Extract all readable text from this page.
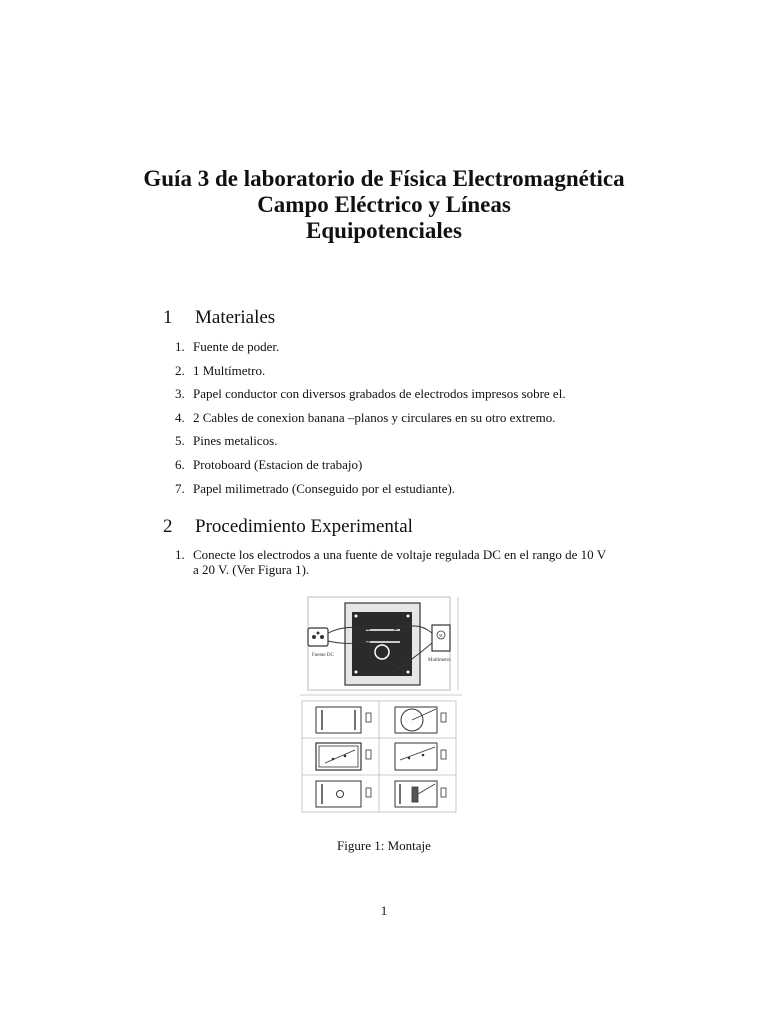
Guía 3 de laboratorio de Física Electromagnética

Campo Eléctrico y Líneas

Equipotenciales

1 Materiales
1. Fuente de poder.
2. 1 Multímetro.
3. Papel conductor con diversos grabados de electrodos impresos sobre el.
4. 2 Cables de conexion banana –planos y circulares en su otro extremo.
5. Pines metalicos.
6. Protoboard (Estacion de trabajo)
7. Papel milimetrado (Conseguido por el estudiante).
2 Procedimiento Experimental
1. Conecte los electrodos a una fuente de voltaje regulada DC en el rango de 10 V a 20 V. (Ver Figura 1).
Fuente DC
M
Multímetro
Figure 1: Montaje
1
